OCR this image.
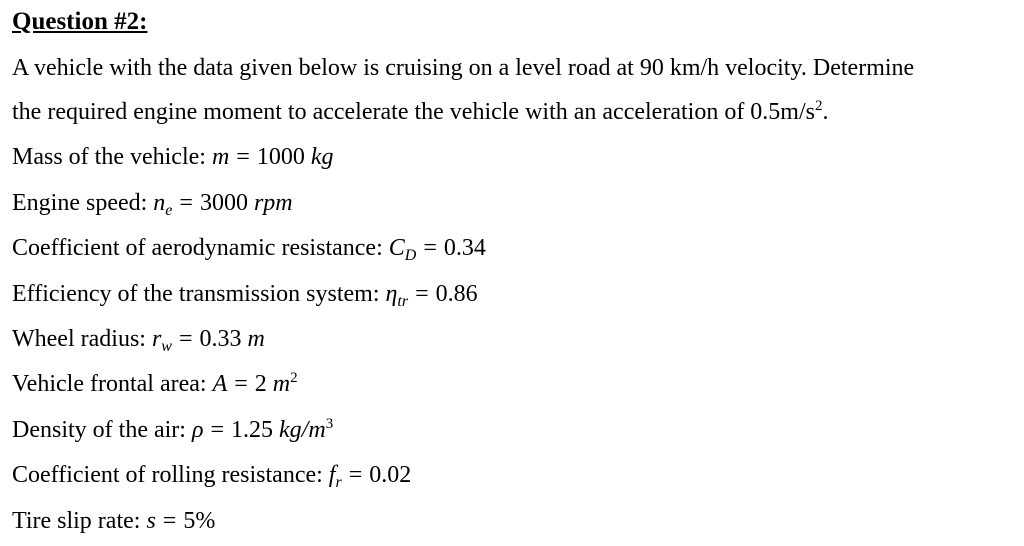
Question #2:
A vehicle with the data given below is cruising on a level road at 90 km/h velocity. Determine
the required engine moment to accelerate the vehicle with an acceleration of $0.5m/s^2$.
Mass of the vehicle: m = 1000 kg
Engine speed: $n_e = 3000$ rpm
Coefficient of aerodynamic resistance: $C_D = 0.34$
Efficiency of the transmission system: $\eta_{tr} = 0.86$
Wheel radius: $r_w = 0.33$ m
Vehicle frontal area: A = 2 $m^2$
Density of the air: ρ = 1.25 $kg/m^3$
Coefficient of rolling resistance: $f_r = 0.02$
Tire slip rate: s = 5%
